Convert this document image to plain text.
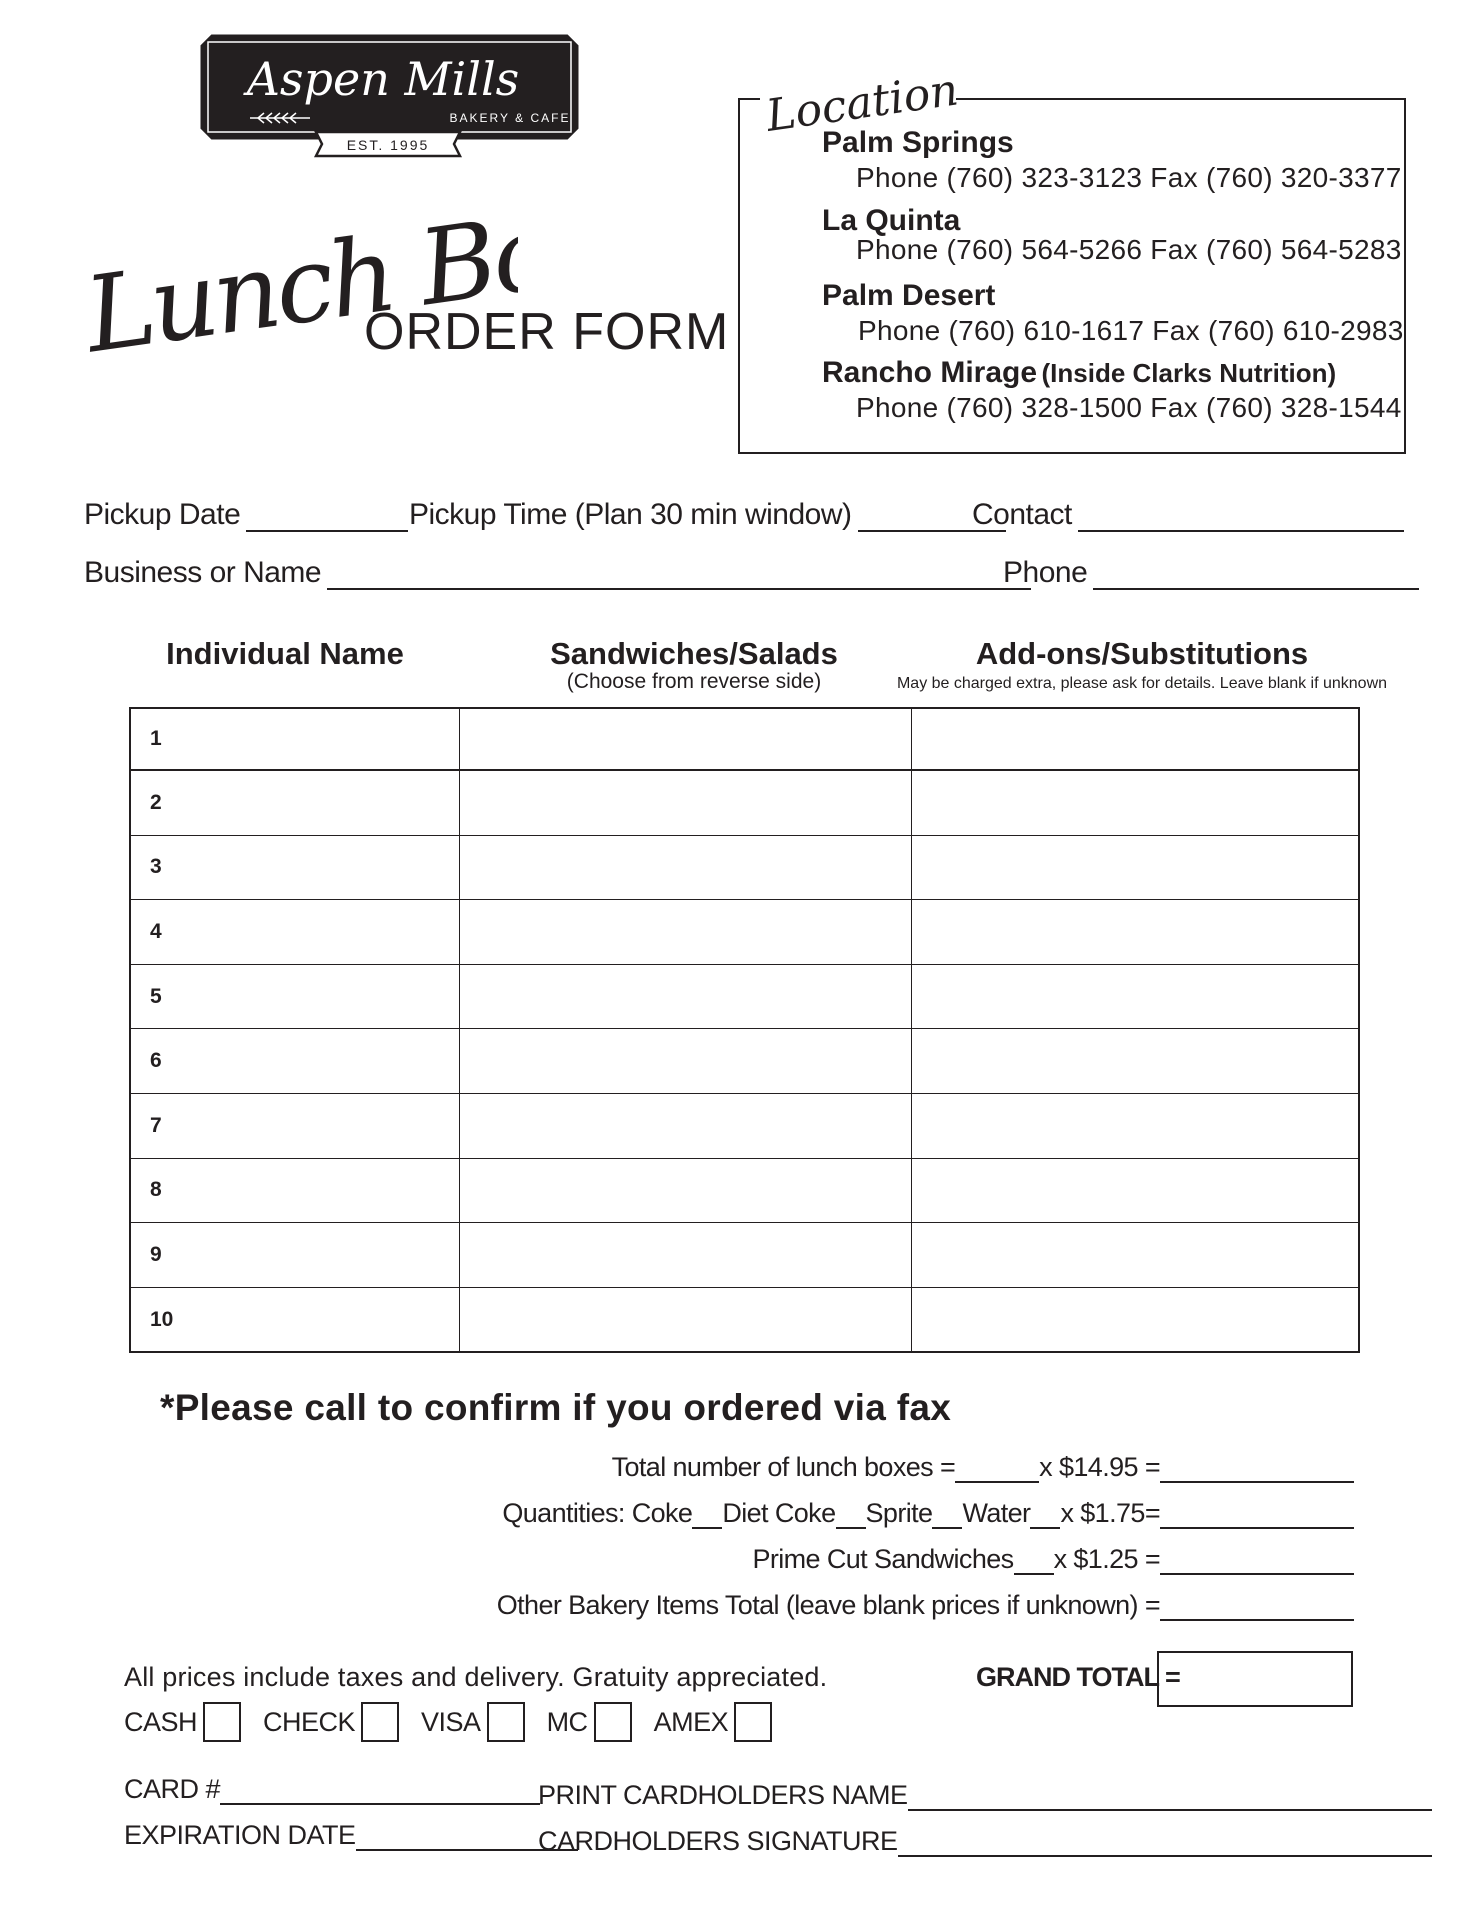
Aspen Mills
BAKERY & CAFE
EST. 1995
Lunch Box
ORDER FORM
Locations
Palm Springs
Phone (760) 323-3123 Fax (760) 320-3377
La Quinta
Phone (760) 564-5266 Fax (760) 564-5283
Palm Desert
Phone (760) 610-1617 Fax (760) 610-2983
Rancho Mirage (Inside Clarks Nutrition)
Phone (760) 328-1500 Fax (760) 328-1544
Pickup Date	Pickup Time (Plan 30 min window)	Contact
Business or Name	Phone
Individual Name	Sandwiches/Salads
(Choose from reverse side)
Add-ons/Substitutions
May be charged extra, please ask for details. Leave blank if unknown
1		
2		
3		
4		
5		
6		
7		
8		
9		
10		
*Please call to confirm if you ordered via fax
Total number of lunch boxes =	x $14.95 =
Quantities: Coke Diet Coke Sprite Water x $1.75=
Prime Cut Sandwiches x $1.25 =
Other Bakery Items Total (leave blank prices if unknown) =
GRAND TOTAL =
All prices include taxes and delivery. Gratuity appreciated.
CASH CHECK VISA MC AMEX
CARD #	PRINT CARDHOLDERS NAME
EXPIRATION DATE	CARDHOLDERS SIGNATURE
